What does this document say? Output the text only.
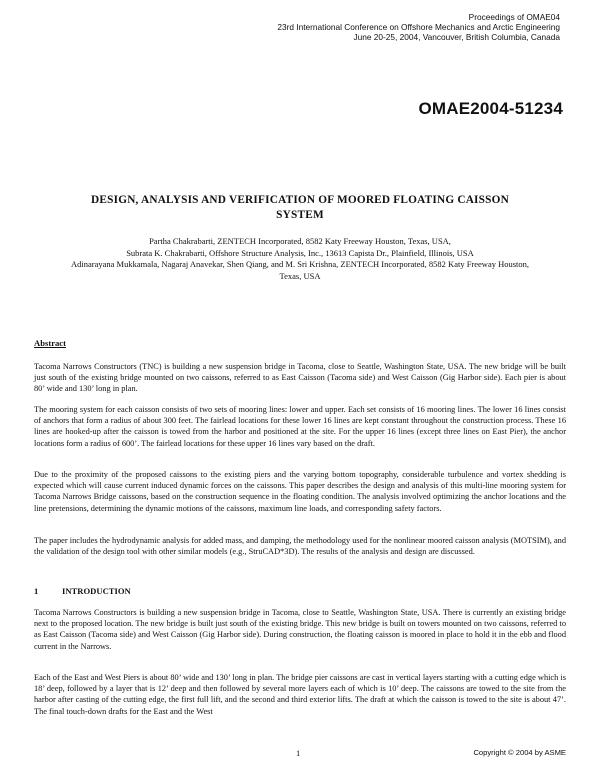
Proceedings of OMAE04
23rd International Conference on Offshore Mechanics and Arctic Engineering
June 20-25, 2004, Vancouver, British Columbia, Canada
OMAE2004-51234
DESIGN, ANALYSIS AND VERIFICATION OF MOORED FLOATING CAISSON
SYSTEM
Partha Chakrabarti, ZENTECH Incorporated, 8582 Katy Freeway Houston, Texas, USA,
Subrata K. Chakrabarti, Offshore Structure Analysis, Inc., 13613 Capista Dr., Plainfield, Illinois, USA
Adinarayana Mukkamala, Nagaraj Anavekar, Shen Qiang, and M. Sri Krishna, ZENTECH Incorporated, 8582 Katy Freeway Houston,
Texas, USA
Abstract

Tacoma Narrows Constructors (TNC) is building a new suspension bridge in Tacoma, close to Seattle, Washington State, USA. The new bridge will be built just south of the existing bridge mounted on two caissons, referred to as East Caisson (Tacoma side) and West Caisson (Gig Harbor side). Each pier is about 80’ wide and 130’ long in plan.

The mooring system for each caisson consists of two sets of mooring lines: lower and upper. Each set consists of 16 mooring lines. The lower 16 lines consist of anchors that form a radius of about 300 feet. The fairlead locations for these lower 16 lines are kept constant throughout the construction process. These 16 lines are hooked-up after the caisson is towed from the harbor and positioned at the site. For the upper 16 lines (except three lines on East Pier), the anchor locations form a radius of 600’. The fairlead locations for these upper 16 lines vary based on the draft.

Due to the proximity of the proposed caissons to the existing piers and the varying bottom topography, considerable turbulence and vortex shedding is expected which will cause current induced dynamic forces on the caissons. This paper describes the design and analysis of this multi-line mooring system for Tacoma Narrows Bridge caissons, based on the construction sequence in the floating condition. The analysis involved optimizing the anchor locations and the line pretensions, determining the dynamic motions of the caissons, maximum line loads, and corresponding safety factors.

The paper includes the hydrodynamic analysis for added mass, and damping, the methodology used for the nonlinear moored caisson analysis (MOTSIM), and the validation of the design tool with other similar models (e.g., StruCAD*3D). The results of the analysis and design are discussed.

1	INTRODUCTION

Tacoma Narrows Constructors is building a new suspension bridge in Tacoma, close to Seattle, Washington State, USA. There is currently an existing bridge next to the proposed location. The new bridge is built just south of the existing bridge. This new bridge is built on towers mounted on two caissons, referred to as East Caisson (Tacoma side) and West Caisson (Gig Harbor side). During construction, the floating caisson is moored in place to hold it in the ebb and flood current in the Narrows.

Each of the East and West Piers is about 80’ wide and 130’ long in plan. The bridge pier caissons are cast in vertical layers starting with a cutting edge which is 18’ deep, followed by a layer that is 12’ deep and then followed by several more layers each of which is 10’ deep. The caissons are towed to the site from the harbor after casting of the cutting edge, the first full lift, and the second and third exterior lifts. The draft at which the caisson is towed to the site is about 47’. The final touch-down drafts for the East and the West

1	Copyright © 2004 by ASME
